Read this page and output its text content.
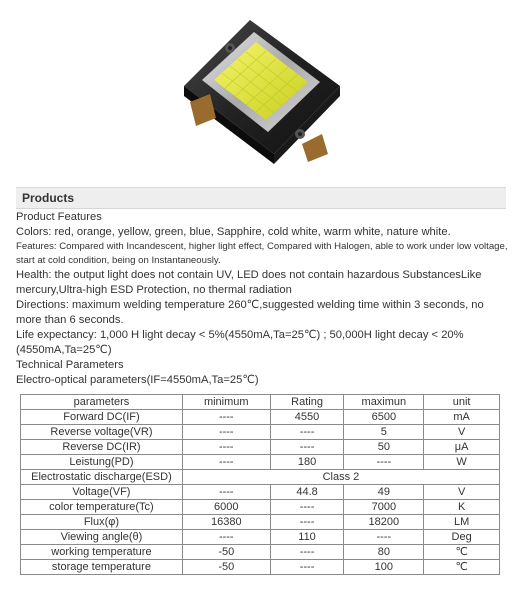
Products

Product Features

Colors: red, orange, yellow, green, blue, Sapphire, cold white, warm white, nature white.

Features: Compared with Incandescent, higher light effect, Compared with Halogen, able to work under low voltage, start at cold condition, being on Instantaneously.

Health: the output light does not contain UV, LED does not contain hazardous SubstancesLike mercury,Ultra-high ESD Protection, no thermal radiation

Directions: maximum welding temperature 260℃,suggested welding time within 3 seconds, no more than 6 seconds.

Life expectancy: 1,000 H light decay < 5%(4550mA,Ta=25℃) ; 50,000H light decay < 20%(4550mA,Ta=25℃)

Technical Parameters

Electro-optical parameters(IF=4550mA,Ta=25℃)

parameters	minimum	Rating	maximun	unit
Forward DC(IF)	----	4550	6500	mA
Reverse voltage(VR)	----	----	5	V
Reverse DC(IR)	----	----	50	μA
Leistung(PD)	----	180	----	W
Electrostatic discharge(ESD)	Class 2			
Voltage(VF)	----	44.8	49	V
color temperature(Tc)	6000	----	7000	K
Flux(φ)	16380	----	18200	LM
Viewing angle(θ)	----	110	----	Deg
working temperature	-50	----	80	℃
storage temperature	-50	----	100	℃
